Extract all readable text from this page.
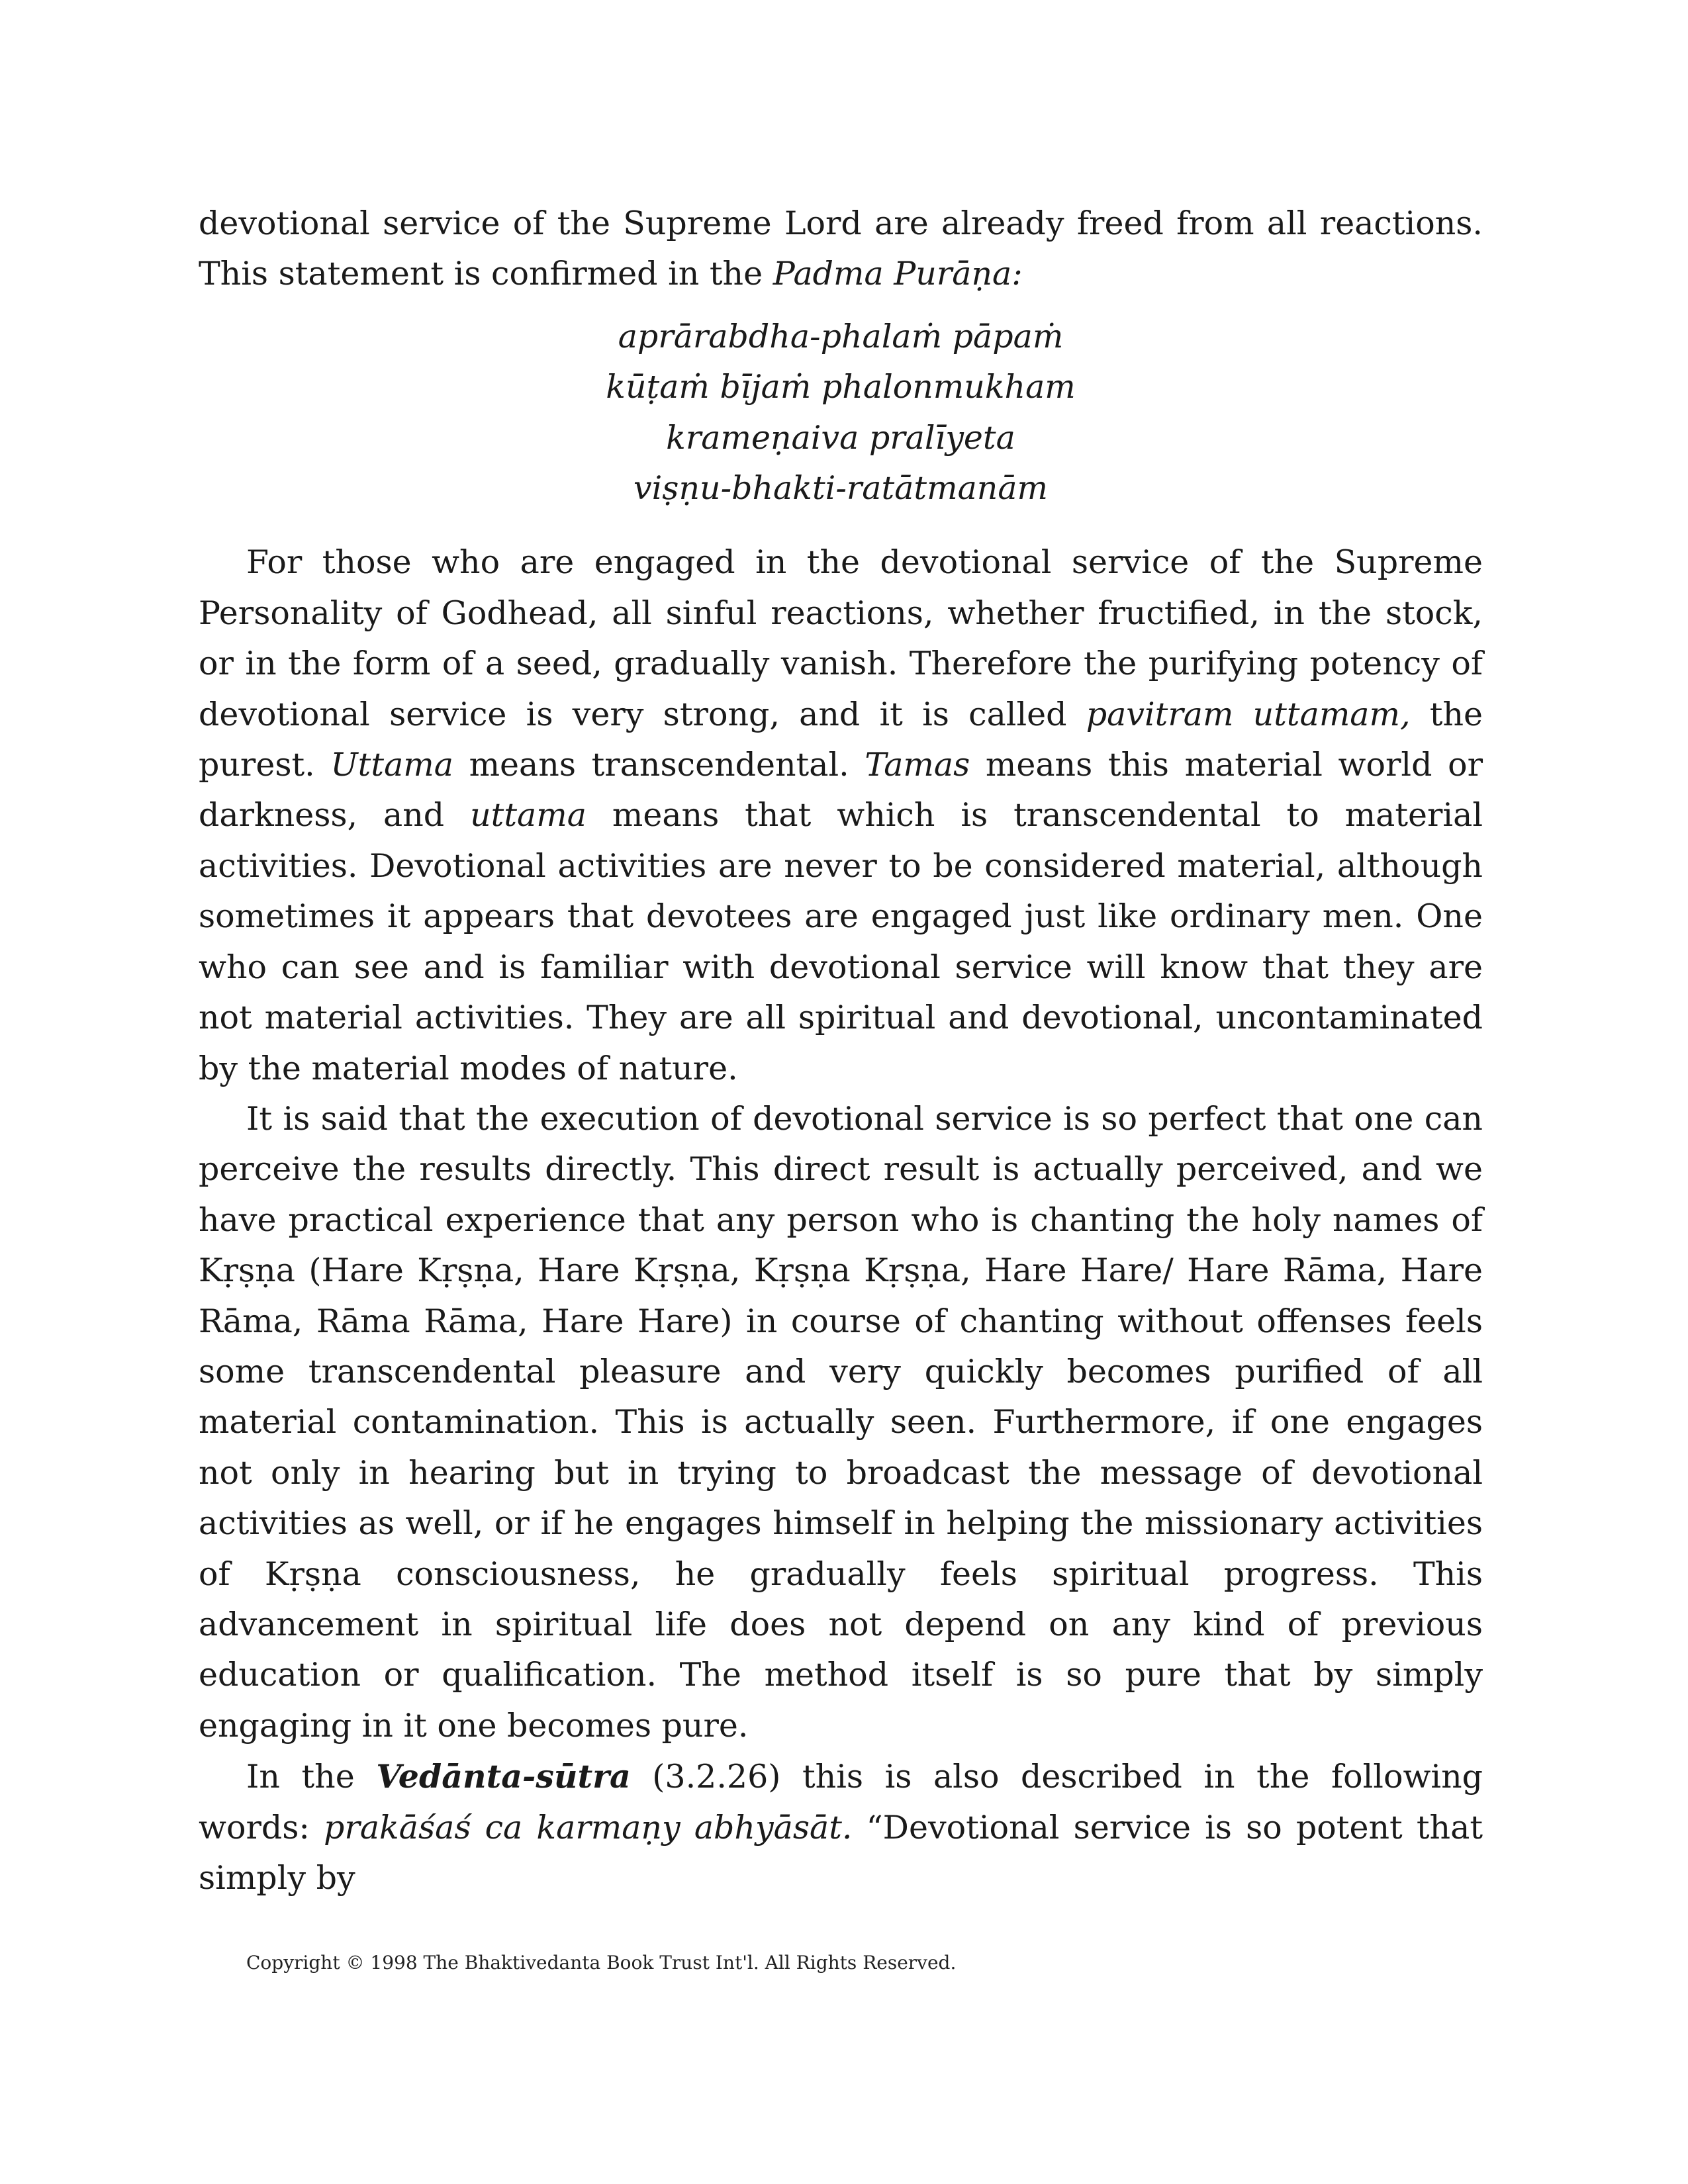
devotional service of the Supreme Lord are already freed from all reactions. This statement is confirmed in the Padma Purāṇa:

aprārabdha-phalaṁ pāpaṁ
kūṭaṁ bījaṁ phalonmukham
krameṇaiva pralīyeta
viṣṇu-bhakti-ratātmanām

For those who are engaged in the devotional service of the Supreme Personality of Godhead, all sinful reactions, whether fructified, in the stock, or in the form of a seed, gradually vanish. Therefore the purifying potency of devotional service is very strong, and it is called pavitram uttamam, the purest. Uttama means transcendental. Tamas means this material world or darkness, and uttama means that which is transcendental to material activities. Devotional activities are never to be considered material, although sometimes it appears that devotees are engaged just like ordinary men. One who can see and is familiar with devotional service will know that they are not material activities. They are all spiritual and devotional, uncontaminated by the material modes of nature.

It is said that the execution of devotional service is so perfect that one can perceive the results directly. This direct result is actually perceived, and we have practical experience that any person who is chanting the holy names of Kṛṣṇa (Hare Kṛṣṇa, Hare Kṛṣṇa, Kṛṣṇa Kṛṣṇa, Hare Hare/ Hare Rāma, Hare Rāma, Rāma Rāma, Hare Hare) in course of chanting without offenses feels some transcendental pleasure and very quickly becomes purified of all material contamination. This is actually seen. Furthermore, if one engages not only in hearing but in trying to broadcast the message of devotional activities as well, or if he engages himself in helping the missionary activities of Kṛṣṇa consciousness, he gradually feels spiritual progress. This advancement in spiritual life does not depend on any kind of previous education or qualification. The method itself is so pure that by simply engaging in it one becomes pure.

In the Vedānta-sūtra (3.2.26) this is also described in the following words: prakāśaś ca karmaṇy abhyāsāt. “Devotional service is so potent that simply by

Copyright © 1998 The Bhaktivedanta Book Trust Int'l. All Rights Reserved.
